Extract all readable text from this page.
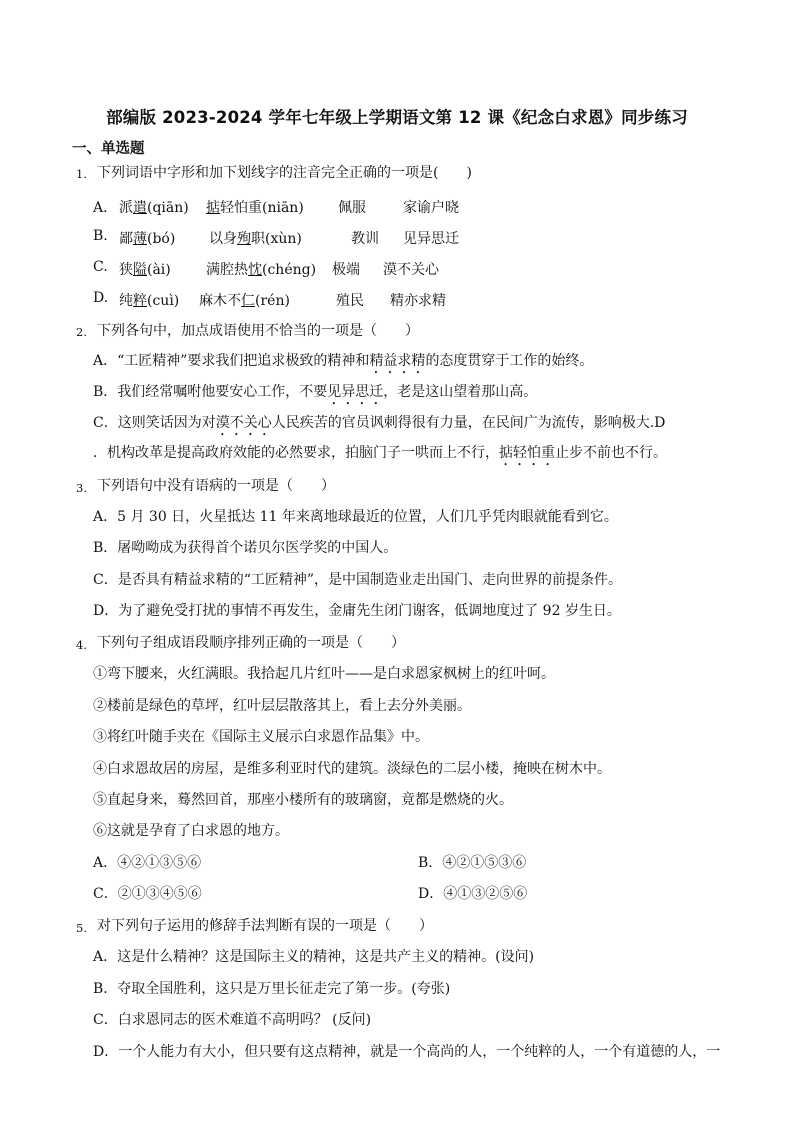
部编版 2023-2024 学年七年级上学期语文第 12 课《纪念白求恩》同步练习
一、单选题
1. 下列词语中字形和加下划线字的注音完全正确的一项是(　　)
A． 派遣(qiān) 掂轻怕重(niān) 佩服	家谕户晓
B. 鄙薄(bó) 以身殉职(xùn)	教训 见异思迁
C. 狭隘(ài)	满腔热忱(chéng) 极端 漠不关心
D. 纯粹(cuì) 麻木不仁(rén)	殖民 精亦求精
2. 下列各句中，加点成语使用不恰当的一项是（　　）
A．“工匠精神”要求我们把追求极致的精神和精益求精的态度贯穿于工作的始终。
B．我们经常嘱咐他要安心工作，不要见异思迁，老是这山望着那山高。
C．这则笑话因为对漠不关心人民疾苦的官员讽刺得很有力量，在民间广为流传，影响极大.D
．机构改革是提高政府效能的必然要求，拍脑门子一哄而上不行，掂轻怕重止步不前也不行。
3. 下列语句中没有语病的一项是（　　）
A．5 月 30 日，火星抵达 11 年来离地球最近的位置，人们几乎凭肉眼就能看到它。
B．屠呦呦成为获得首个诺贝尔医学奖的中国人。
C．是否具有精益求精的“工匠精神”，是中国制造业走出国门、走向世界的前提条件。
D．为了避免受打扰的事情不再发生，金庸先生闭门谢客，低调地度过了 92 岁生日。
4. 下列句子组成语段顺序排列正确的一项是（　　）
①弯下腰来，火红满眼。我拾起几片红叶——是白求恩家枫树上的红叶呵。
②楼前是绿色的草坪，红叶层层散落其上，看上去分外美丽。
③将红叶随手夹在《国际主义展示白求恩作品集》中。
④白求恩故居的房屋，是维多利亚时代的建筑。淡绿色的二层小楼，掩映在树木中。
⑤直起身来，蓦然回首，那座小楼所有的玻璃窗，竟都是燃烧的火。
⑥这就是孕育了白求恩的地方。
A．④②①③⑤⑥	B．④②①⑤③⑥
C．②①③④⑤⑥	D．④①③②⑤⑥
5. 对下列句子运用的修辞手法判断有误的一项是（　　）
A．这是什么精神？这是国际主义的精神，这是共产主义的精神。(设问)
B．夺取全国胜利，这只是万里长征走完了第一步。(夸张)
C．白求恩同志的医术难道不高明吗？ (反问)
D．一个人能力有大小，但只要有这点精神，就是一个高尚的人，一个纯粹的人，一个有道德的人，一
